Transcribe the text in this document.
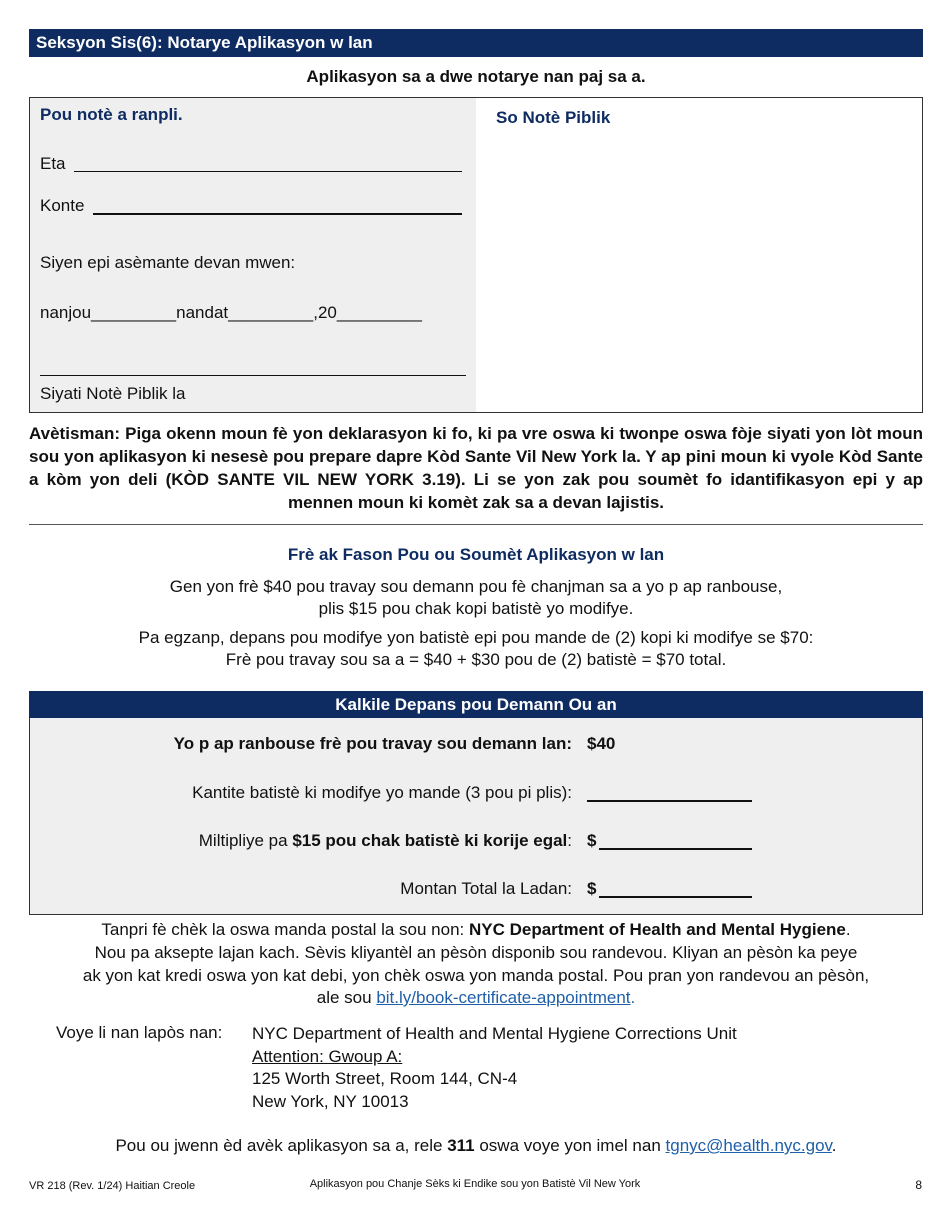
Seksyon Sis(6): Notarye Aplikasyon w lan
Aplikasyon sa a dwe notarye nan paj sa a.
Pou notè a ranpli.
Eta
Konte
Siyen epi asèmante devan mwen:
nanjou_________nandat_________,20_________
Siyati Notè Piblik la
So Notè Piblik
Avètisman: Piga okenn moun fè yon deklarasyon ki fo, ki pa vre oswa ki twonpe oswa fòje siyati yon lòt moun sou yon aplikasyon ki nesesè pou prepare dapre Kòd Sante Vil New York la. Y ap pini moun ki vyole Kòd Sante a kòm yon deli (KÒD SANTE VIL NEW YORK 3.19). Li se yon zak pou soumèt fo idantifikasyon epi y ap mennen moun ki komèt zak sa a devan lajistis.
Frè ak Fason Pou ou Soumèt Aplikasyon w lan
Gen yon frè $40 pou travay sou demann pou fè chanjman sa a yo p ap ranbouse,
plis $15 pou chak kopi batistè yo modifye.
Pa egzanp, depans pou modifye yon batistè epi pou mande de (2) kopi ki modifye se $70:
Frè pou travay sou sa a = $40 + $30 pou de (2) batistè = $70 total.
Kalkile Depans pou Demann Ou an
Yo p ap ranbouse frè pou travay sou demann lan: $40
Kantite batistè ki modifye yo mande (3 pou pi plis):
Miltipliye pa $15 pou chak batistè ki korije egal: $
Montan Total la Ladan: $
Tanpri fè chèk la oswa manda postal la sou non: NYC Department of Health and Mental Hygiene.
Nou pa aksepte lajan kach. Sèvis kliyantèl an pèsòn disponib sou randevou. Kliyan an pèsòn ka peye
ak yon kat kredi oswa yon kat debi, yon chèk oswa yon manda postal. Pou pran yon randevou an pèsòn,
ale sou bit.ly/book-certificate-appointment.
Voye li nan lapòs nan: NYC Department of Health and Mental Hygiene Corrections Unit
Attention: Gwoup A:
125 Worth Street, Room 144, CN-4
New York, NY 10013
Pou ou jwenn èd avèk aplikasyon sa a, rele 311 oswa voye yon imel nan tgnyc@health.nyc.gov.
VR 218 (Rev. 1/24) Haitian Creole	Aplikasyon pou Chanje Sèks ki Endike sou yon Batistè Vil New York	8
